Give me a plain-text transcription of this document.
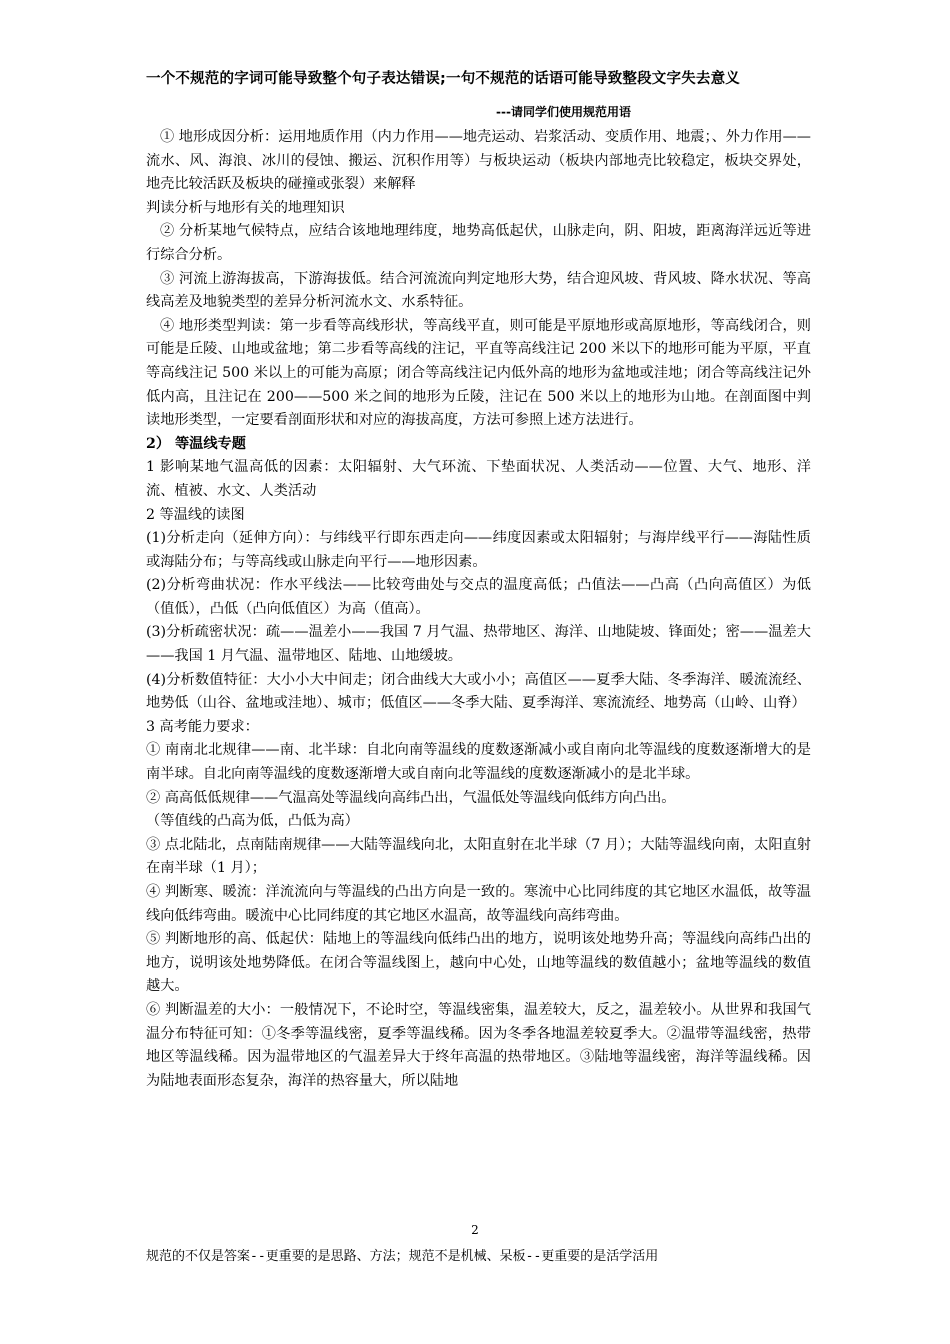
一个不规范的字词可能导致整个句子表达错误;一句不规范的话语可能导致整段文字失去意义
---请同学们使用规范用语

① 地形成因分析：运用地质作用（内力作用——地壳运动、岩浆活动、变质作用、地震；、外力作用——流水、风、海浪、冰川的侵蚀、搬运、沉积作用等）与板块运动（板块内部地壳比较稳定，板块交界处，地壳比较活跃及板块的碰撞或张裂）来解释

判读分析与地形有关的地理知识

② 分析某地气候特点，应结合该地地理纬度，地势高低起伏，山脉走向，阴、阳坡，距离海洋远近等进行综合分析。

③ 河流上游海拔高，下游海拔低。结合河流流向判定地形大势，结合迎风坡、背风坡、降水状况、等高线高差及地貌类型的差异分析河流水文、水系特征。

④ 地形类型判读：第一步看等高线形状，等高线平直，则可能是平原地形或高原地形，等高线闭合，则可能是丘陵、山地或盆地；第二步看等高线的注记，平直等高线注记 200 米以下的地形可能为平原，平直等高线注记 500 米以上的可能为高原；闭合等高线注记内低外高的地形为盆地或洼地；闭合等高线注记外低内高，且注记在 200——500 米之间的地形为丘陵，注记在 500 米以上的地形为山地。在剖面图中判读地形类型，一定要看剖面形状和对应的海拔高度，方法可参照上述方法进行。

2） 等温线专题

1 影响某地气温高低的因素：太阳辐射、大气环流、下垫面状况、人类活动——位置、大气、地形、洋流、植被、水文、人类活动

2 等温线的读图

(1)分析走向（延伸方向）：与纬线平行即东西走向——纬度因素或太阳辐射；与海岸线平行——海陆性质或海陆分布；与等高线或山脉走向平行——地形因素。

(2)分析弯曲状况：作水平线法——比较弯曲处与交点的温度高低；凸值法——凸高（凸向高值区）为低（值低），凸低（凸向低值区）为高（值高）。

(3)分析疏密状况：疏——温差小——我国 7 月气温、热带地区、海洋、山地陡坡、锋面处；密——温差大——我国 1 月气温、温带地区、陆地、山地缓坡。

(4)分析数值特征：大小小大中间走；闭合曲线大大或小小；高值区——夏季大陆、冬季海洋、暖流流经、地势低（山谷、盆地或洼地）、城市；低值区——冬季大陆、夏季海洋、寒流流经、地势高（山岭、山脊）

3 高考能力要求：

① 南南北北规律——南、北半球：自北向南等温线的度数逐渐减小或自南向北等温线的度数逐渐增大的是南半球。自北向南等温线的度数逐渐增大或自南向北等温线的度数逐渐减小的是北半球。

② 高高低低规律——气温高处等温线向高纬凸出，气温低处等温线向低纬方向凸出。

（等值线的凸高为低，凸低为高）

③ 点北陆北，点南陆南规律——大陆等温线向北，太阳直射在北半球（7 月）；大陆等温线向南，太阳直射在南半球（1 月）；

④ 判断寒、暖流：洋流流向与等温线的凸出方向是一致的。寒流中心比同纬度的其它地区水温低，故等温线向低纬弯曲。暖流中心比同纬度的其它地区水温高，故等温线向高纬弯曲。

⑤ 判断地形的高、低起伏：陆地上的等温线向低纬凸出的地方，说明该处地势升高；等温线向高纬凸出的地方，说明该处地势降低。在闭合等温线图上，越向中心处，山地等温线的数值越小；盆地等温线的数值越大。

⑥ 判断温差的大小：一般情况下，不论时空，等温线密集，温差较大，反之，温差较小。从世界和我国气温分布特征可知：①冬季等温线密，夏季等温线稀。因为冬季各地温差较夏季大。②温带等温线密，热带地区等温线稀。因为温带地区的气温差异大于终年高温的热带地区。③陆地等温线密，海洋等温线稀。因为陆地表面形态复杂，海洋的热容量大，所以陆地

2
规范的不仅是答案--更重要的是思路、方法；规范不是机械、呆板--更重要的是活学活用
